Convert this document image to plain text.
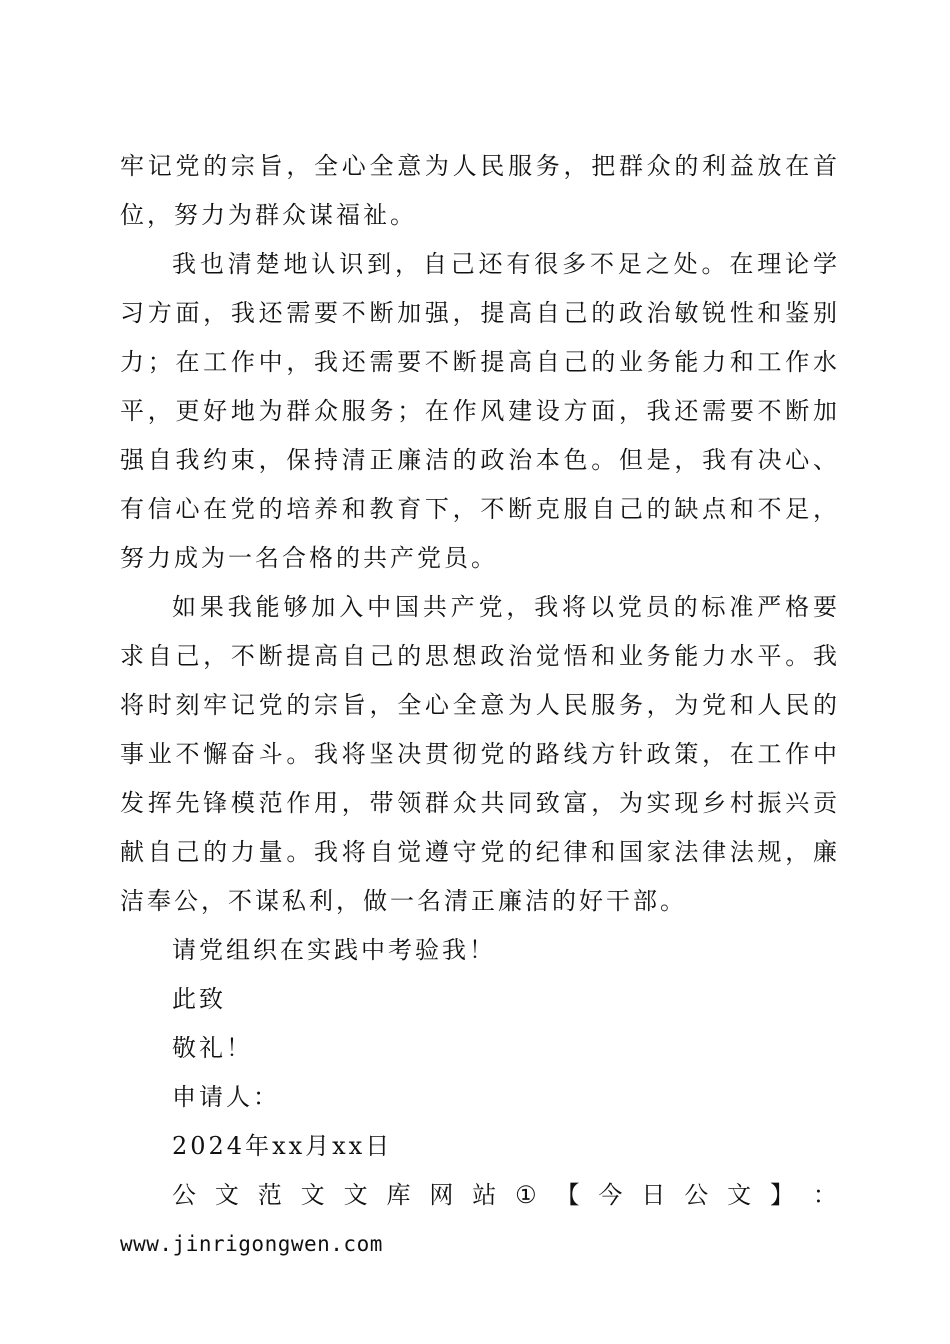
牢记党的宗旨，全心全意为人民服务，把群众的利益放在首位，努力为群众谋福祉。

我也清楚地认识到，自己还有很多不足之处。在理论学习方面，我还需要不断加强，提高自己的政治敏锐性和鉴别力；在工作中，我还需要不断提高自己的业务能力和工作水平，更好地为群众服务；在作风建设方面，我还需要不断加强自我约束，保持清正廉洁的政治本色。但是，我有决心、有信心在党的培养和教育下，不断克服自己的缺点和不足，努力成为一名合格的共产党员。

如果我能够加入中国共产党，我将以党员的标准严格要求自己，不断提高自己的思想政治觉悟和业务能力水平。我将时刻牢记党的宗旨，全心全意为人民服务，为党和人民的事业不懈奋斗。我将坚决贯彻党的路线方针政策，在工作中发挥先锋模范作用，带领群众共同致富，为实现乡村振兴贡献自己的力量。我将自觉遵守党的纪律和国家法律法规，廉洁奉公，不谋私利，做一名清正廉洁的好干部。

请党组织在实践中考验我！

此致

敬礼！

申请人：

2024年xx月xx日

公 文 范 文 文 库 网 站 ① 【 今 日 公 文 】 ：

www.jinrigongwen.com
